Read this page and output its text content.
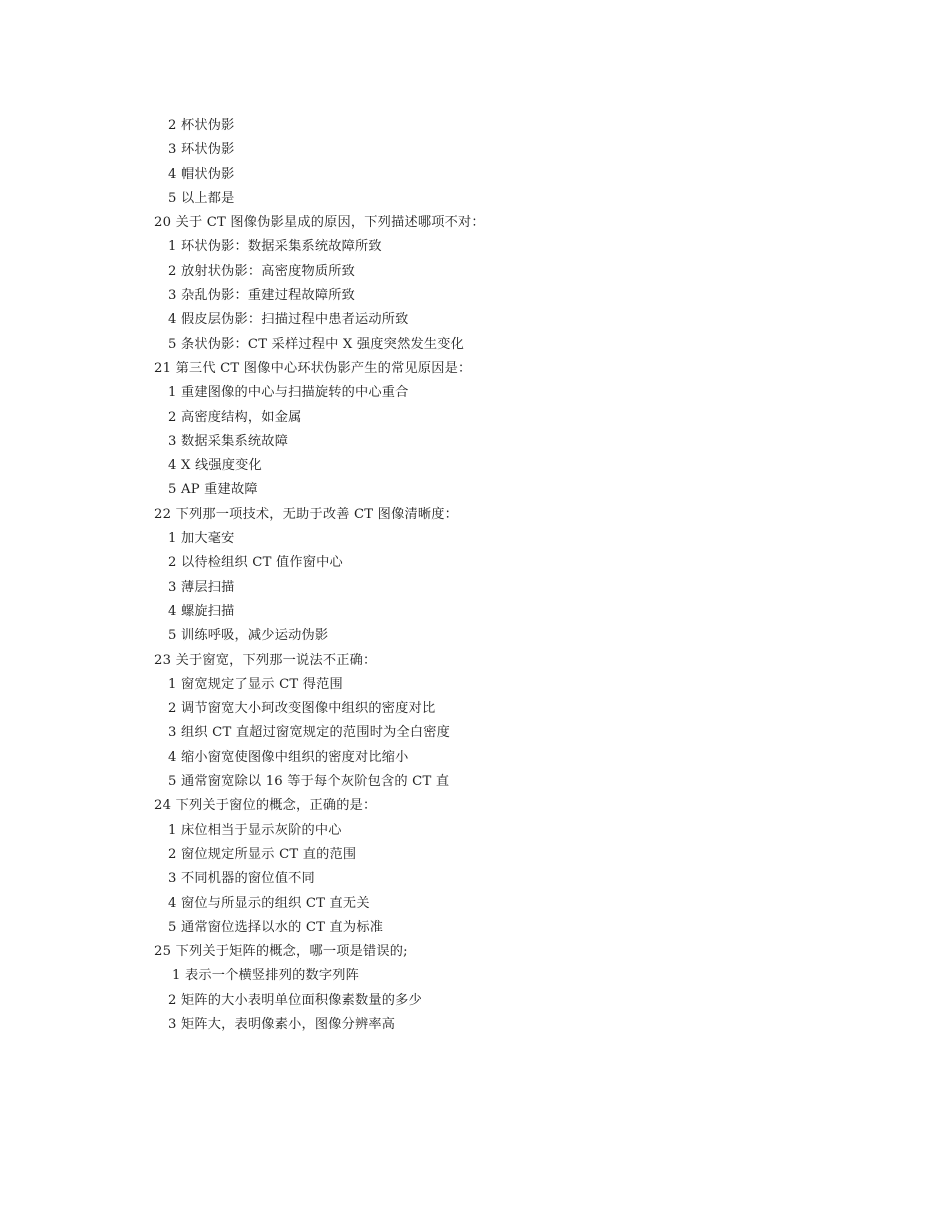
2 杯状伪影
3 环状伪影
4 帽状伪影
5 以上都是
20 关于 CT 图像伪影星成的原因，下列描述哪项不对：
1 环状伪影：数据采集系统故障所致
2 放射状伪影：高密度物质所致
3 杂乱伪影：重建过程故障所致
4 假皮层伪影：扫描过程中患者运动所致
5 条状伪影：CT 采样过程中 X 强度突然发生变化
21 第三代 CT 图像中心环状伪影产生的常见原因是：
1 重建图像的中心与扫描旋转的中心重合
2 高密度结构，如金属
3 数据采集系统故障
4 X 线强度变化
5 AP 重建故障
22 下列那一项技术，无助于改善 CT 图像清晰度：
1 加大毫安
2 以待检组织 CT 值作窗中心
3 薄层扫描
4 螺旋扫描
5 训练呼吸，减少运动伪影
23 关于窗宽，下列那一说法不正确：
1 窗宽规定了显示 CT 得范围
2 调节窗宽大小珂改变图像中组织的密度对比
3 组织 CT 直超过窗宽规定的范围时为全白密度
4 缩小窗宽使图像中组织的密度对比缩小
5 通常窗宽除以 16 等于每个灰阶包含的 CT 直
24 下列关于窗位的概念，正确的是：
1 床位相当于显示灰阶的中心
2 窗位规定所显示 CT 直的范围
3 不同机器的窗位值不同
4 窗位与所显示的组织 CT 直无关
5 通常窗位选择以水的 CT 直为标准
25 下列关于矩阵的概念，哪一项是错误的;
1 表示一个横竖排列的数字列阵
2 矩阵的大小表明单位面积像素数量的多少
3 矩阵大，表明像素小，图像分辨率高
